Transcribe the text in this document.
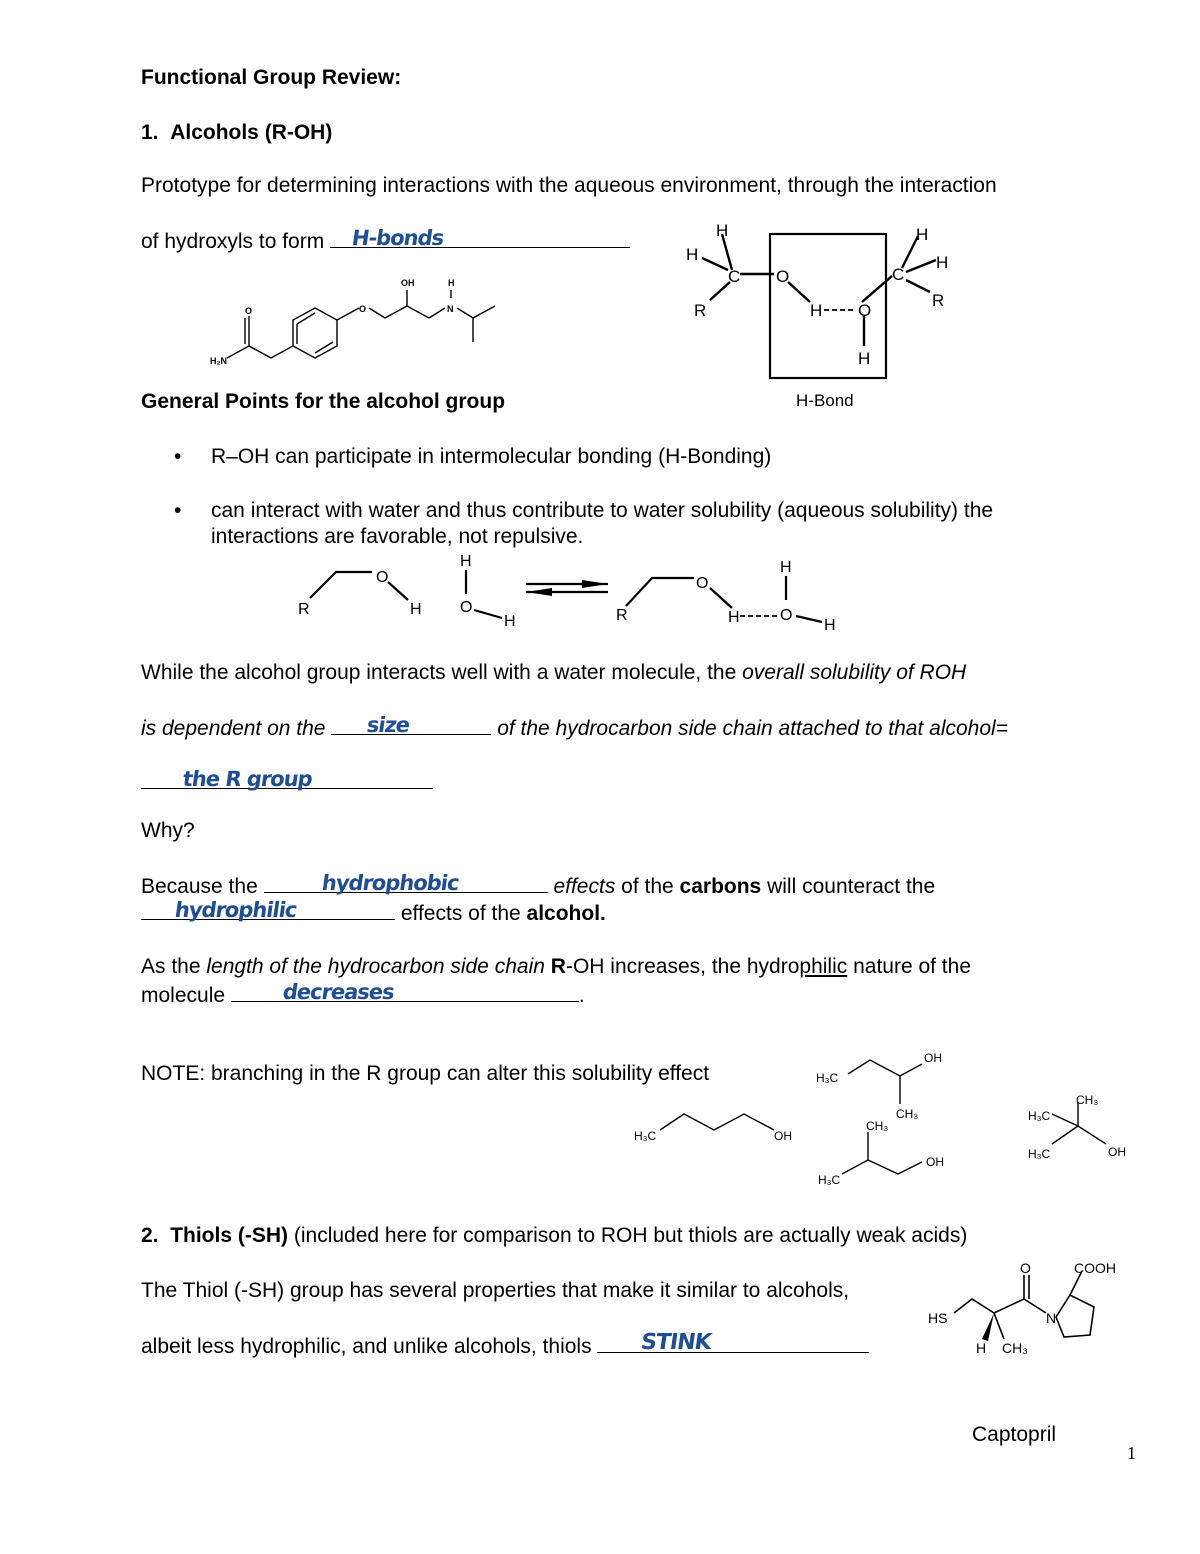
Functional Group Review:
1. Alcohols (R-OH)
Prototype for determining interactions with the aqueous environment, through the interaction
of hydroxyls to form H-bonds
H₂N
O	O
OH	H
N
H
H
C
R
O
H O
H
C
H
H
R
H-Bond
General Points for the alcohol group
• R–OH can participate in intermolecular bonding (H-Bonding)
• can interact with water and thus contribute to water solubility (aqueous solubility) the
interactions are favorable, not repulsive.
R
O
H
H
O
H	R
O
H
H
O
H
While the alcohol group interacts well with a water molecule, the overall solubility of ROH
is dependent on the size	of the hydrocarbon side chain attached to that alcohol=
the R group
Why?
Because the	hydrophobic	effects of the carbons will counteract the
hydrophilic	effects of the alcohol.
As the length of the hydrocarbon side chain R-OH increases, the hydrophilic nature of the
molecule	decreases	.
NOTE: branching in the R group can alter this solubility effect	H₃C
OH
CH₃
H₃C	OH
CH₃
H₃C
OH
CH₃
H₃C
H₃C	OH
2. Thiols (-SH) (included here for comparison to ROH but thiols are actually weak acids)
The Thiol (-SH) group has several properties that make it similar to alcohols,
albeit less hydrophilic, and unlike alcohols, thiols STINK
O	COOH
HS	N
H CH₃
Captopril
1
